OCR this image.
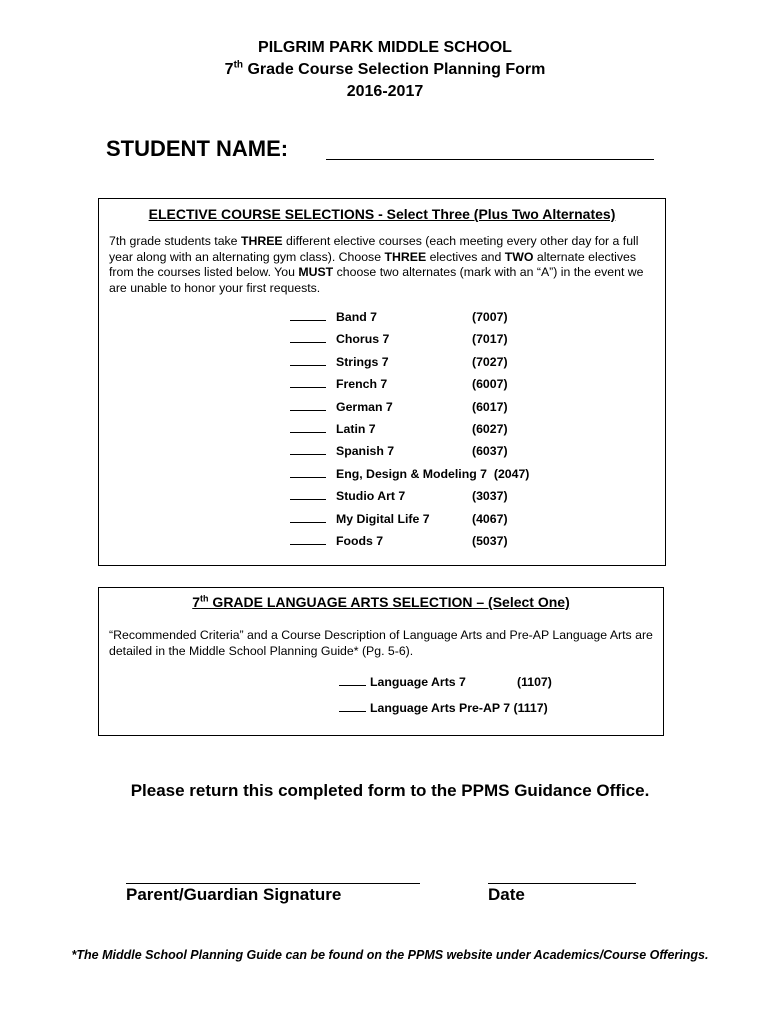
PILGRIM PARK MIDDLE SCHOOL
7th Grade Course Selection Planning Form
2016-2017
STUDENT NAME:
ELECTIVE COURSE SELECTIONS - Select Three (Plus Two Alternates)
7th grade students take THREE different elective courses (each meeting every other day for a full year along with an alternating gym class). Choose THREE electives and TWO alternate electives from the courses listed below. You MUST choose two alternates (mark with an “A”) in the event we are unable to honor your first requests.
Band 7	(7007)
Chorus 7	(7017)
Strings 7	(7027)
French 7	(6007)
German 7	(6017)
Latin 7	(6027)
Spanish 7	(6037)
Eng, Design & Modeling 7 (2047)
Studio Art 7	(3037)
My Digital Life 7	(4067)
Foods 7	(5037)
7th GRADE LANGUAGE ARTS SELECTION – (Select One)
“Recommended Criteria” and a Course Description of Language Arts and Pre-AP Language Arts are detailed in the Middle School Planning Guide* (Pg. 5-6).
Language Arts 7	(1107)
Language Arts Pre-AP 7 (1117)
Please return this completed form to the PPMS Guidance Office.
Parent/Guardian Signature	Date
*The Middle School Planning Guide can be found on the PPMS website under Academics/Course Offerings.
